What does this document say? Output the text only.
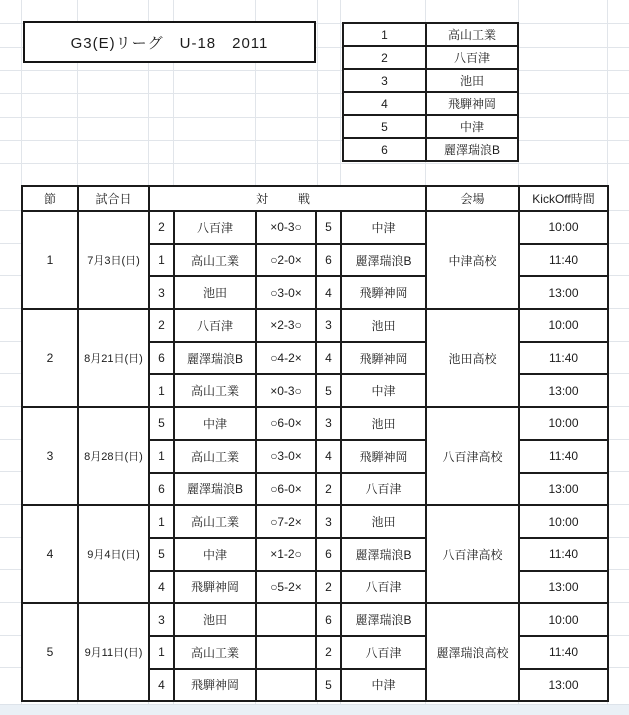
G3(E)リーグ　U-18　2011	1	高山工業
2	八百津
3	池田
4	飛騨神岡
5	中津
6	麗澤瑞浪B
節	試合日	対　戦					会場	KickOff時間
1	7月3日(日)	2	八百津	×0-3○	5	中津	中津高校	10:00
		1	高山工業	○2-0×	6	麗澤瑞浪B		11:40
		3	池田	○3-0×	4	飛騨神岡		13:00
2	8月21日(日)	2	八百津	×2-3○	3	池田	池田高校	10:00
		6	麗澤瑞浪B	○4-2×	4	飛騨神岡		11:40
		1	高山工業	×0-3○	5	中津		13:00
3	8月28日(日)	5	中津	○6-0×	3	池田	八百津高校	10:00
		1	高山工業	○3-0×	4	飛騨神岡		11:40
		6	麗澤瑞浪B	○6-0×	2	八百津		13:00
4	9月4日(日)	1	高山工業	○7-2×	3	池田	八百津高校	10:00
		5	中津	×1-2○	6	麗澤瑞浪B		11:40
		4	飛騨神岡	○5-2×	2	八百津		13:00
5	9月11日(日)	3	池田		6	麗澤瑞浪B	麗澤瑞浪高校	10:00
		1	高山工業		2	八百津		11:40
		4	飛騨神岡		5	中津		13:00
